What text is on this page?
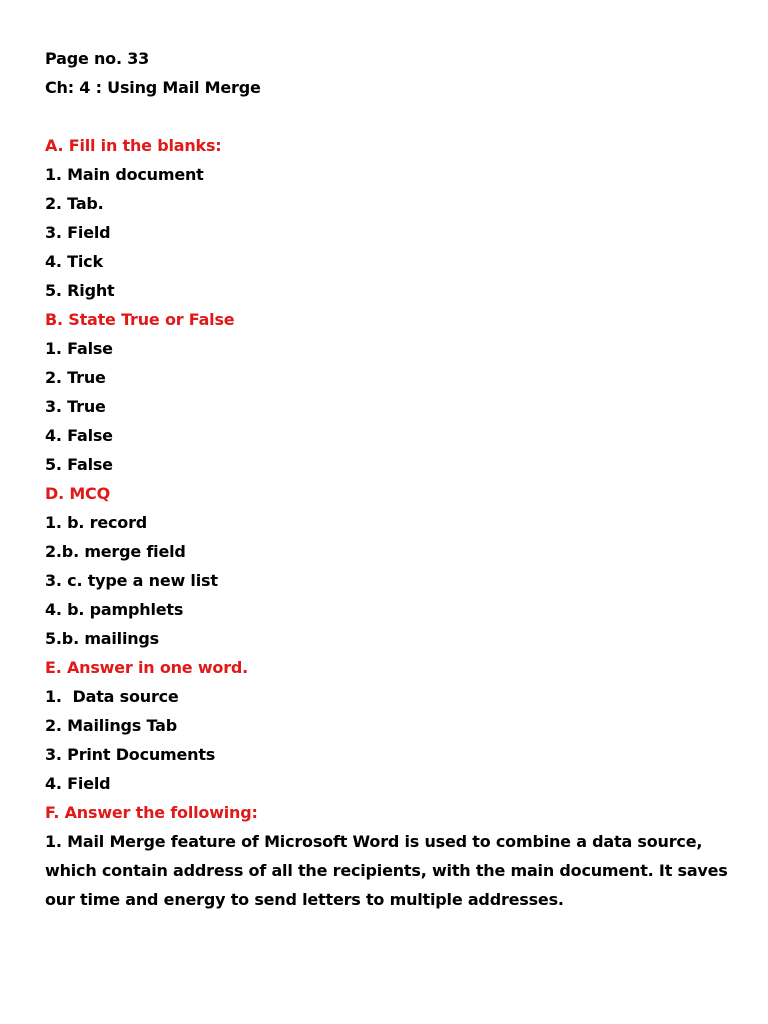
Page no. 33
Ch: 4 : Using Mail Merge
A. Fill in the blanks:
1. Main document
2. Tab.
3. Field
4. Tick
5. Right
B. State True or False
1. False
2. True
3. True
4. False
5. False
D. MCQ
1. b. record
2.b. merge field
3. c. type a new list
4. b. pamphlets
5.b. mailings
E. Answer in one word.
1.  Data source
2. Mailings Tab
3. Print Documents
4. Field
F. Answer the following:
1. Mail Merge feature of Microsoft Word is used to combine a data source, which contain address of all the recipients, with the main document. It saves our time and energy to send letters to multiple addresses.
